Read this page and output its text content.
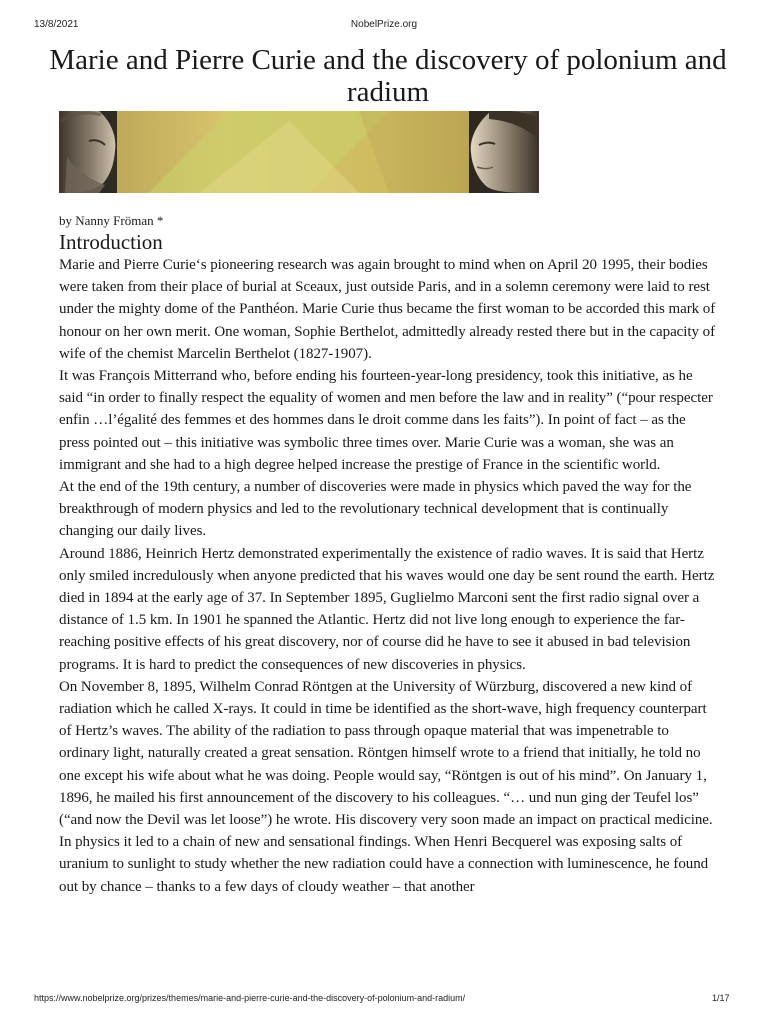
13/8/2021	NobelPrize.org
Marie and Pierre Curie and the discovery of polonium and radium

by Nanny Fröman *

Introduction

Marie and Pierre Curie‘s pioneering research was again brought to mind when on April 20 1995, their bodies were taken from their place of burial at Sceaux, just outside Paris, and in a solemn ceremony were laid to rest under the mighty dome of the Panthéon. Marie Curie thus became the first woman to be accorded this mark of honour on her own merit. One woman, Sophie Berthelot, admittedly already rested there but in the capacity of wife of the chemist Marcelin Berthelot (1827-1907).

It was François Mitterrand who, before ending his fourteen-year-long presidency, took this initiative, as he said “in order to finally respect the equality of women and men before the law and in reality” (“pour respecter enfin …l’égalité des femmes et des hommes dans le droit comme dans les faits”). In point of fact – as the press pointed out – this initiative was symbolic three times over. Marie Curie was a woman, she was an immigrant and she had to a high degree helped increase the prestige of France in the scientific world.

At the end of the 19th century, a number of discoveries were made in physics which paved the way for the breakthrough of modern physics and led to the revolutionary technical development that is continually changing our daily lives.

Around 1886, Heinrich Hertz demonstrated experimentally the existence of radio waves. It is said that Hertz only smiled incredulously when anyone predicted that his waves would one day be sent round the earth. Hertz died in 1894 at the early age of 37. In September 1895, Guglielmo Marconi sent the first radio signal over a distance of 1.5 km. In 1901 he spanned the Atlantic. Hertz did not live long enough to experience the far-reaching positive effects of his great discovery, nor of course did he have to see it abused in bad television programs. It is hard to predict the consequences of new discoveries in physics.

On November 8, 1895, Wilhelm Conrad Röntgen at the University of Würzburg, discovered a new kind of radiation which he called X-rays. It could in time be identified as the short-wave, high frequency counterpart of Hertz’s waves. The ability of the radiation to pass through opaque material that was impenetrable to ordinary light, naturally created a great sensation. Röntgen himself wrote to a friend that initially, he told no one except his wife about what he was doing. People would say, “Röntgen is out of his mind”. On January 1, 1896, he mailed his first announcement of the discovery to his colleagues. “… und nun ging der Teufel los” (“and now the Devil was let loose”) he wrote. His discovery very soon made an impact on practical medicine. In physics it led to a chain of new and sensational findings. When Henri Becquerel was exposing salts of uranium to sunlight to study whether the new radiation could have a connection with luminescence, he found out by chance – thanks to a few days of cloudy weather – that another

https://www.nobelprize.org/prizes/themes/marie-and-pierre-curie-and-the-discovery-of-polonium-and-radium/	1/17
